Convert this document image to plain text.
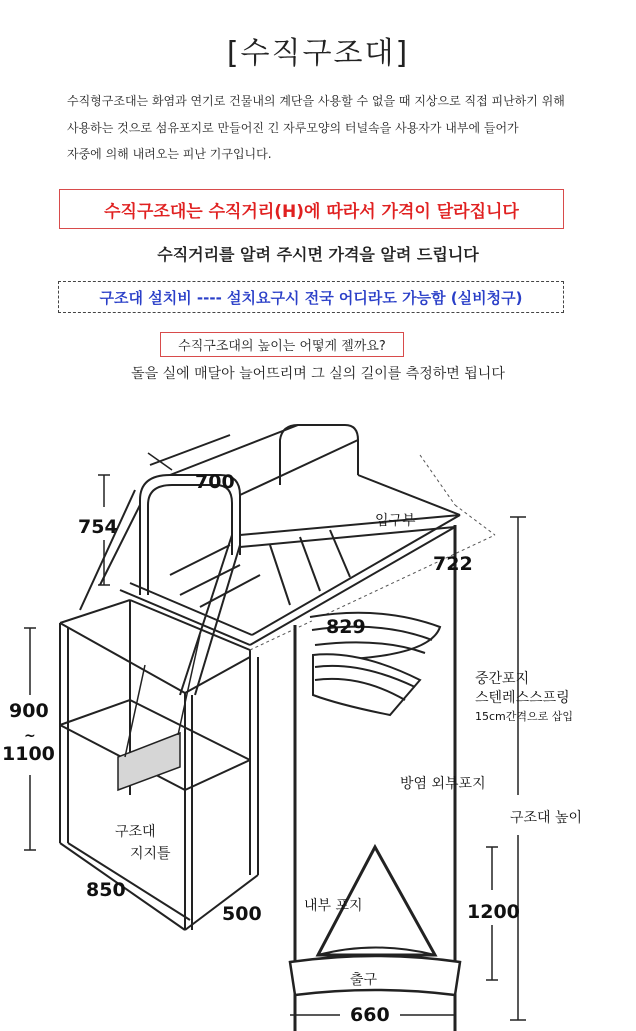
[수직구조대]
수직형구조대는 화염과 연기로 건물내의 계단을 사용할 수 없을 때 지상으로 직접 피난하기 위해
사용하는 것으로 섬유포지로 만들어진 긴 자루모양의 터널속을 사용자가 내부에 들어가
자중에 의해 내려오는 피난 기구입니다.
수직구조대는 수직거리(H)에 따라서 가격이 달라집니다
수직거리를 알려 주시면 가격을 알려 드립니다
구조대 설치비 ---- 설치요구시 전국 어디라도 가능함 (실비청구)
수직구조대의 높이는 어떻게 젤까요?
돌을 실에 매달아 늘어뜨리며 그 실의 길이를 측정하면 됩니다
700
754
900
~
1100
850
500
722
829
1200
660
입구부
중간포지
스텐레스스프링
15cm간격으로 삽입
방염 외부포지
구조대 높이
내부 포지
출구
구조대
지지틀
